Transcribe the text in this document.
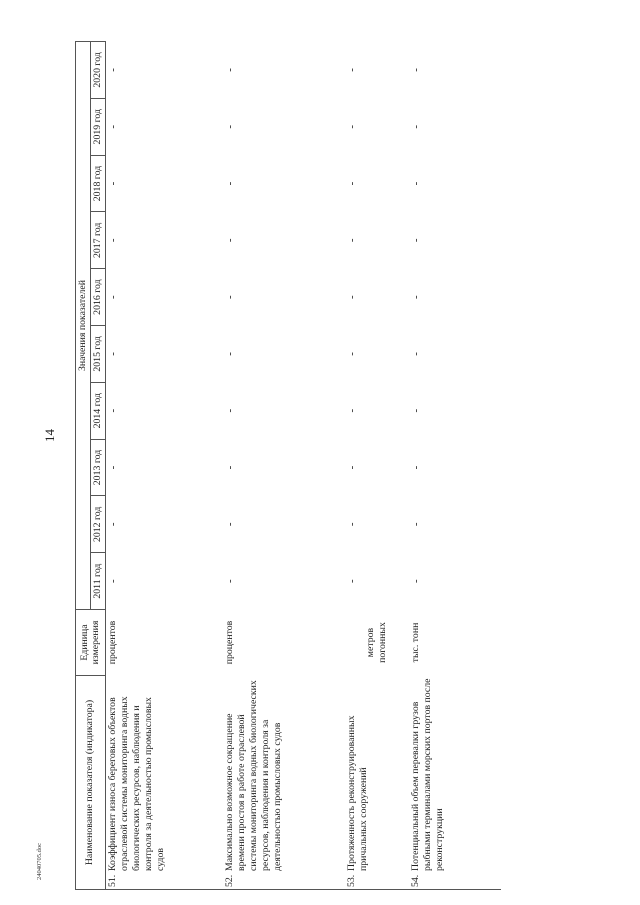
14
24040705.doc	Наименование показателя (индикатора)	Единица измерения	Значения показателей									
		2011 год	2012 год	2013 год	2014 год	2015 год	2016 год	2017 год	2018 год	2019 год	2020 год

51.
Коэффициент износа береговых объектов отраслевой системы мониторинга водных биологических ресурсов, наблюдения и контроля за деятельностью промысловых судов	процентов	-	-	-	-	-	-	-	-	-	-

52.
Максимально возможное сокращение времени простоя в работе отраслевой системы мониторинга водных биологических ресурсов, наблюдения и контроля за деятельностью промысловых судов	процентов	-	-	-	-	-	-	-	-	-	-

53.
Протяженность реконструированных причальных сооружений	метров погонных	-	-	-	-	-	-	-	-	-	-

54.
Потенциальный объем перевалки грузов рыбными терминалами морских портов после реконструкции	тыс. тонн	-	-	-	-	-	-	-	-	-	-
